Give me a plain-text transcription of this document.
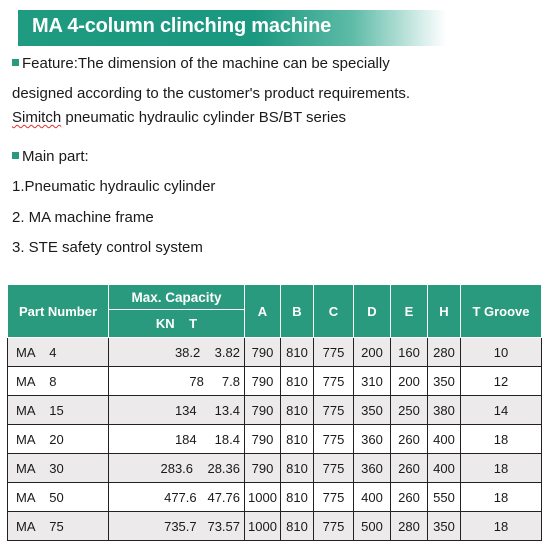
MA 4-column clinching machine
Feature:The dimension of the machine can be specially
designed according to the customer's product requirements.
Simitch pneumatic hydraulic cylinder BS/BT series
Main part:
1.Pneumatic hydraulic cylinder
2. MA machine frame
3. STE safety control system
Part Number	Max. Capacity	A	B	C	D	E	H	T Groove
	KN    T							
MA    4	38.2    3.82	790	810	775	200	160	280	10
MA    8	78     7.8	790	810	775	310	200	350	12
MA    15	134     13.4	790	810	775	350	250	380	14
MA    20	184     18.4	790	810	775	360	260	400	18
MA    30	283.6    28.36	790	810	775	360	260	400	18
MA    50	477.6   47.76	1000	810	775	400	260	550	18
MA    75	735.7   73.57	1000	810	775	500	280	350	18
